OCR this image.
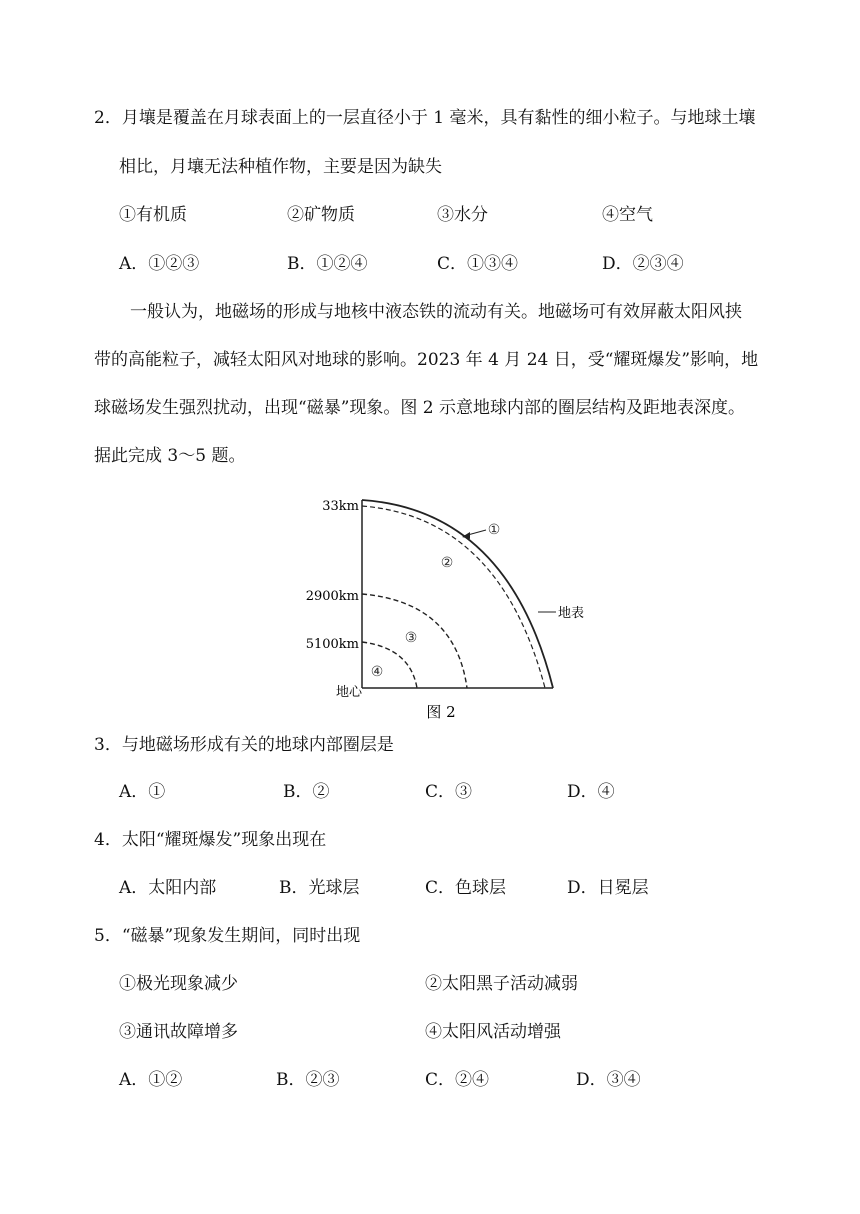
2．月壤是覆盖在月球表面上的一层直径小于 1 毫米，具有黏性的细小粒子。与地球土壤
相比，月壤无法种植作物，主要是因为缺失
①有机质	②矿物质	③水分	④空气
A．①②③	B．①②④	C．①③④	D．②③④
一般认为，地磁场的形成与地核中液态铁的流动有关。地磁场可有效屏蔽太阳风挟
带的高能粒子，减轻太阳风对地球的影响。2023 年 4 月 24 日，受“耀斑爆发”影响，地
球磁场发生强烈扰动，出现“磁暴”现象。图 2 示意地球内部的圈层结构及距地表深度。
据此完成 3～5 题。
33km
2900km
5100km
地心
①
②
③
④
地表
图 2
3．与地磁场形成有关的地球内部圈层是
A．①	B．②	C．③	D．④
4．太阳“耀斑爆发”现象出现在
A．太阳内部	B．光球层	C．色球层	D．日冕层
5．“磁暴”现象发生期间，同时出现
①极光现象减少	②太阳黑子活动减弱
③通讯故障增多	④太阳风活动增强
A．①②	B．②③	C．②④	D．③④
